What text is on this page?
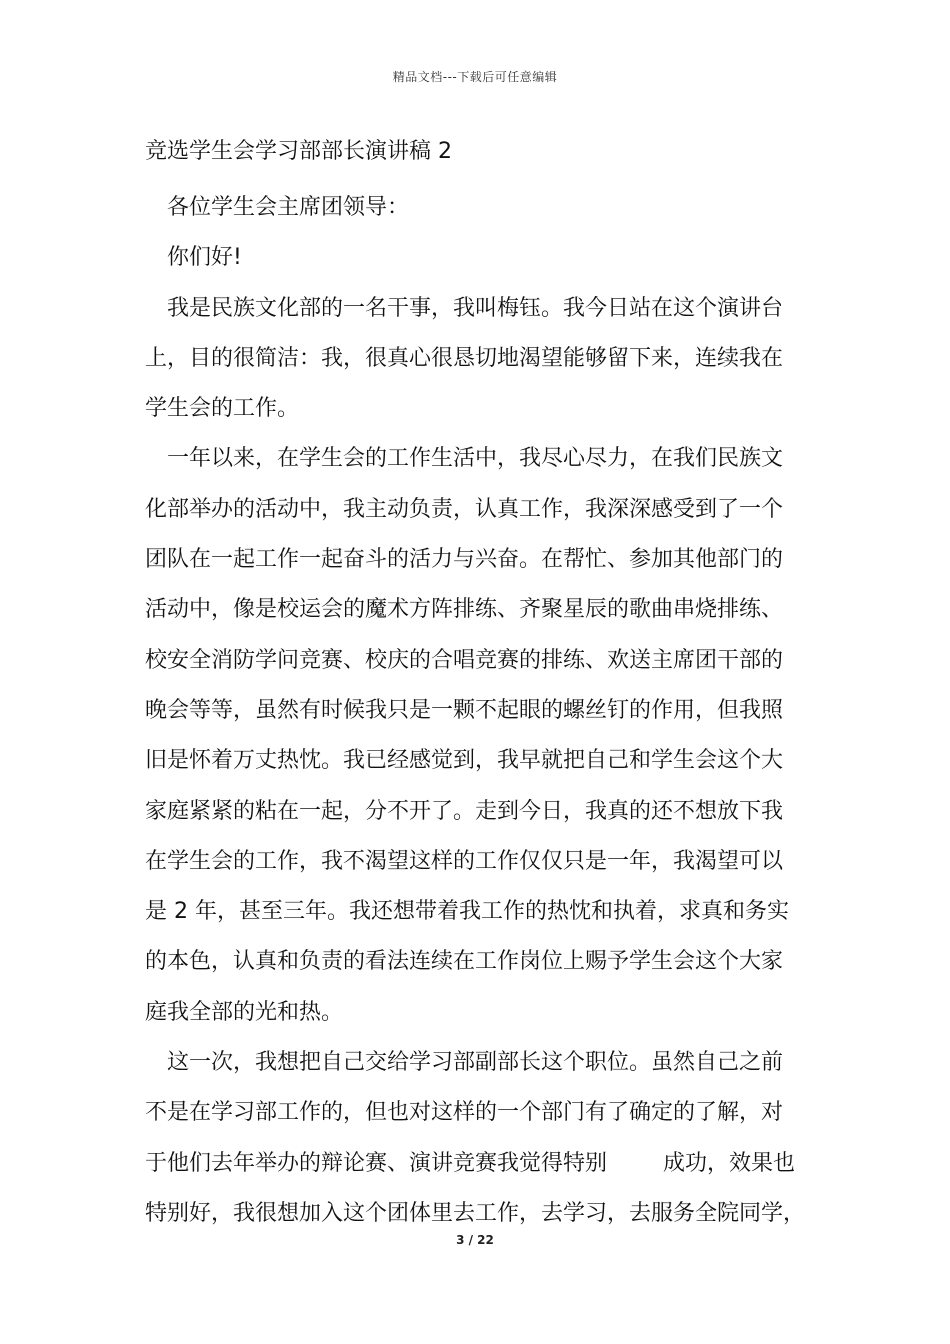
精品文档---下载后可任意编辑
竞选学生会学习部部长演讲稿 2
各位学生会主席团领导：
你们好!
我是民族文化部的一名干事，我叫梅钰。我今日站在这个演讲台
上，目的很简洁：我，很真心很恳切地渴望能够留下来，连续我在
学生会的工作。
一年以来，在学生会的工作生活中，我尽心尽力，在我们民族文
化部举办的活动中，我主动负责，认真工作，我深深感受到了一个
团队在一起工作一起奋斗的活力与兴奋。在帮忙、参加其他部门的
活动中，像是校运会的魔术方阵排练、齐聚星辰的歌曲串烧排练、
校安全消防学问竞赛、校庆的合唱竞赛的排练、欢送主席团干部的
晚会等等，虽然有时候我只是一颗不起眼的螺丝钉的作用，但我照
旧是怀着万丈热忱。我已经感觉到，我早就把自己和学生会这个大
家庭紧紧的粘在一起，分不开了。走到今日，我真的还不想放下我
在学生会的工作，我不渴望这样的工作仅仅只是一年，我渴望可以
是 2 年，甚至三年。我还想带着我工作的热忱和执着，求真和务实
的本色，认真和负责的看法连续在工作岗位上赐予学生会这个大家
庭我全部的光和热。
这一次，我想把自己交给学习部副部长这个职位。虽然自己之前
不是在学习部工作的，但也对这样的一个部门有了确定的了解，对
于他们去年举办的辩论赛、演讲竞赛我觉得特别	成功，效果也
特别好，我很想加入这个团体里去工作，去学习，去服务全院同学，
3 / 22
